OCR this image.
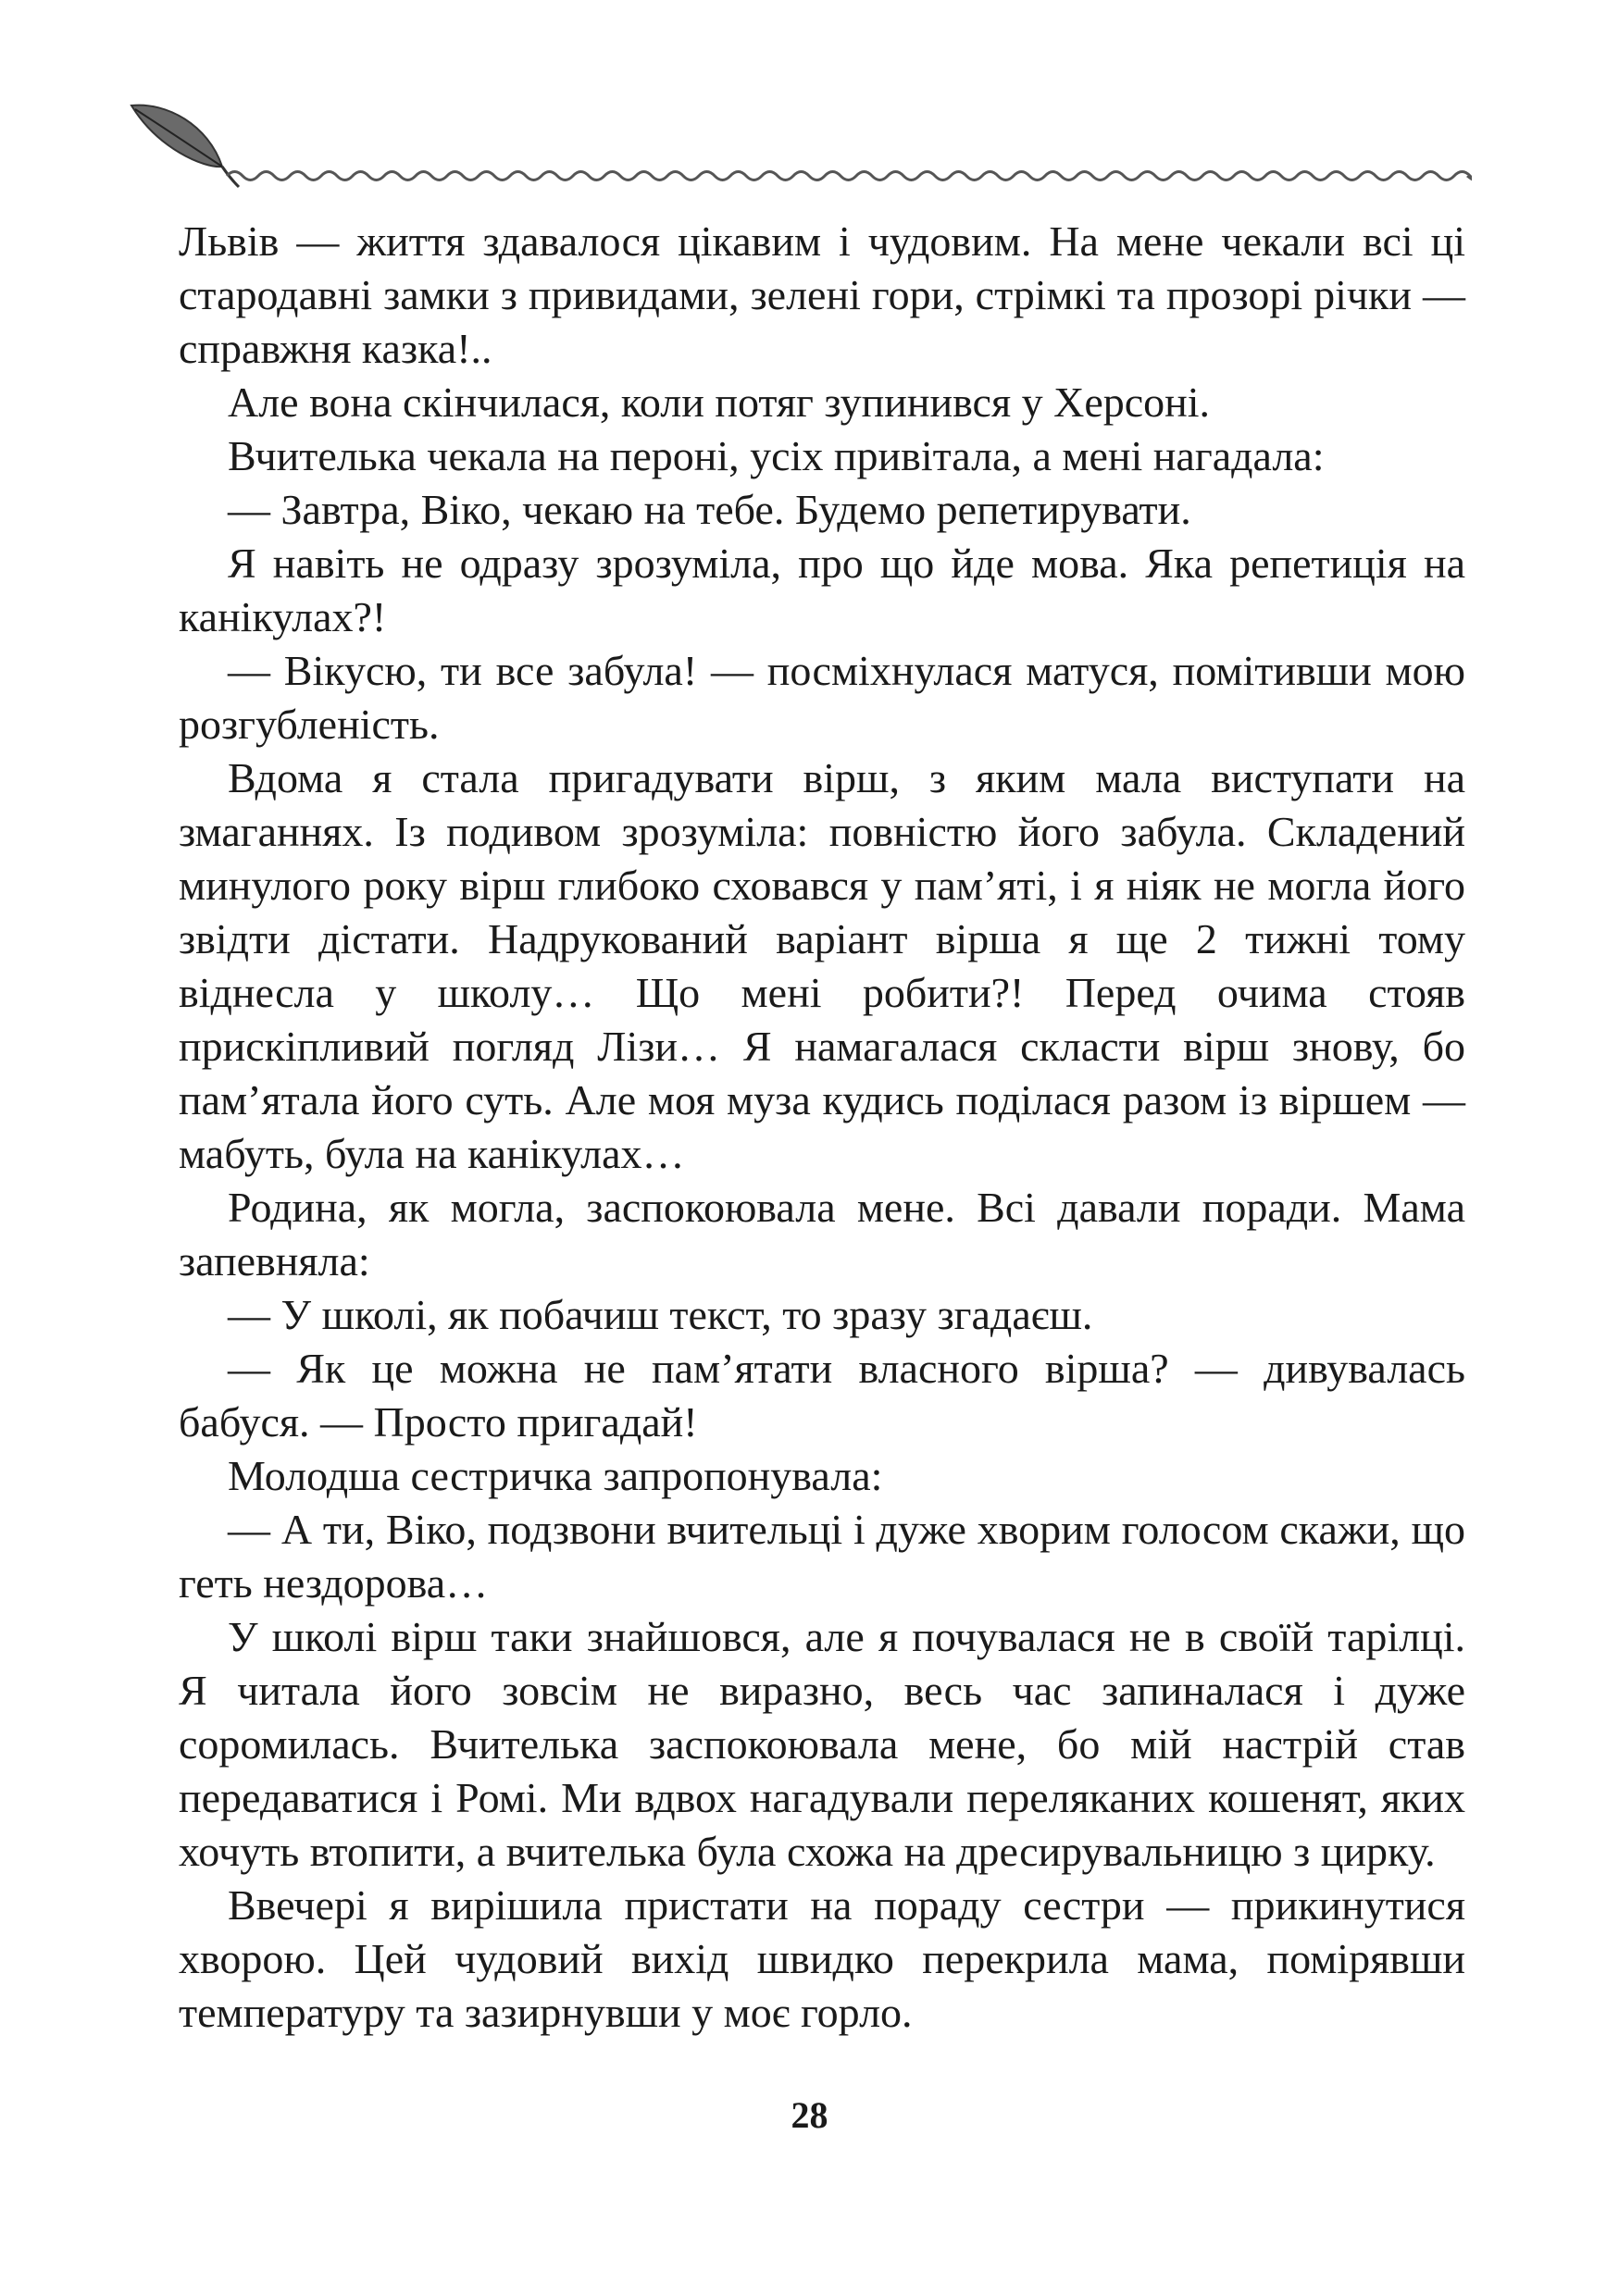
Львів — життя здавалося цікавим і чудовим. На мене чекали всі ці стародавні замки з привидами, зелені гори, стрімкі та прозорі річки — справжня казка!..

Але вона скінчилася, коли потяг зупинився у Херсоні.

Вчителька чекала на пероні, усіх привітала, а мені нагадала:

— Завтра, Віко, чекаю на тебе. Будемо репетирувати.

Я навіть не одразу зрозуміла, про що йде мова. Яка репетиція на канікулах?!

— Вікусю, ти все забула! — посміхнулася матуся, помітивши мою розгубленість.

Вдома я стала пригадувати вірш, з яким мала виступати на змаганнях. Із подивом зрозуміла: повністю його забула. Складений минулого року вірш глибоко сховався у пам’яті, і я ніяк не могла його звідти дістати. Надрукований варіант вірша я ще 2 тижні тому віднесла у школу… Що мені робити?! Перед очима стояв прискіпливий погляд Лізи… Я намагалася скласти вірш знову, бо пам’ятала його суть. Але моя муза кудись поділася разом із віршем — мабуть, була на канікулах…

Родина, як могла, заспокоювала мене. Всі давали поради. Мама запевняла:

— У школі, як побачиш текст, то зразу згадаєш.

— Як це можна не пам’ятати власного вірша? — дивувалась бабуся. — Просто пригадай!

Молодша сестричка запропонувала:

— А ти, Віко, подзвони вчительці і дуже хворим голосом скажи, що геть нездорова…

У школі вірш таки знайшовся, але я почувалася не в своїй тарілці. Я читала його зовсім не виразно, весь час запиналася і дуже соромилась. Вчителька заспокоювала мене, бо мій настрій став передаватися і Ромі. Ми вдвох нагадували переляканих кошенят, яких хочуть втопити, а вчителька була схожа на дресирувальницю з цирку.

Ввечері я вирішила пристати на пораду сестри — прикинутися хворою. Цей чудовий вихід швидко перекрила мама, помірявши температуру та зазирнувши у моє горло.

28
